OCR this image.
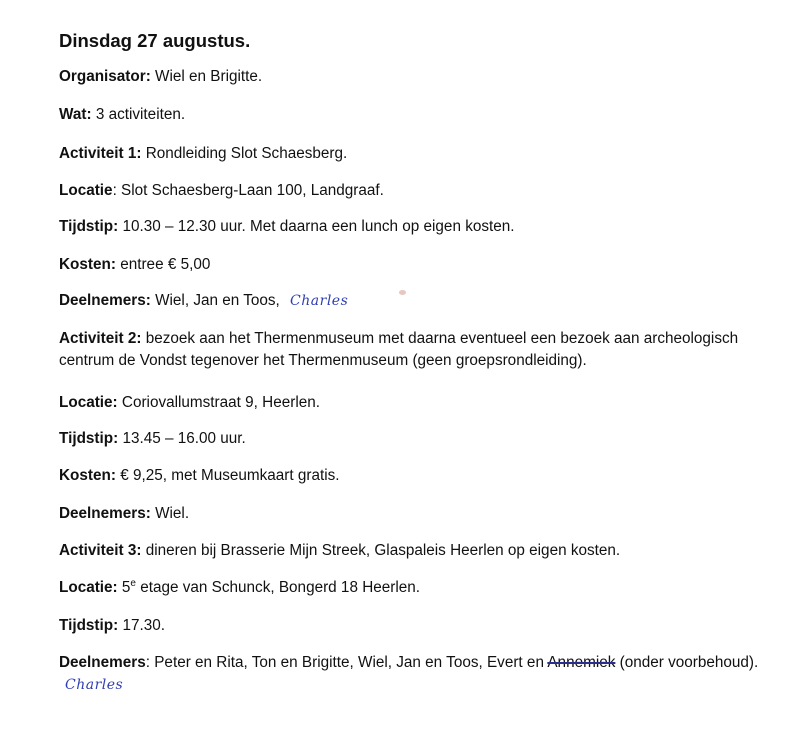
Dinsdag 27 augustus.
Organisator: Wiel en Brigitte.
Wat: 3 activiteiten.
Activiteit 1: Rondleiding Slot Schaesberg.
Locatie: Slot Schaesberg-Laan 100, Landgraaf.
Tijdstip: 10.30 – 12.30 uur. Met daarna een lunch op eigen kosten.
Kosten: entree € 5,00
Deelnemers: Wiel, Jan en Toos, Charles
Activiteit 2: bezoek aan het Thermenmuseum met daarna eventueel een bezoek aan archeologisch centrum de Vondst tegenover het Thermenmuseum (geen groepsrondleiding).
Locatie: Coriovallumstraat 9, Heerlen.
Tijdstip: 13.45 – 16.00 uur.
Kosten: € 9,25, met Museumkaart gratis.
Deelnemers: Wiel.
Activiteit 3: dineren bij Brasserie Mijn Streek, Glaspaleis Heerlen op eigen kosten.
Locatie: 5e etage van Schunck, Bongerd 18 Heerlen.
Tijdstip: 17.30.
Deelnemers: Peter en Rita, Ton en Brigitte, Wiel, Jan en Toos, Evert en Annemiek (onder voorbehoud). Charles
